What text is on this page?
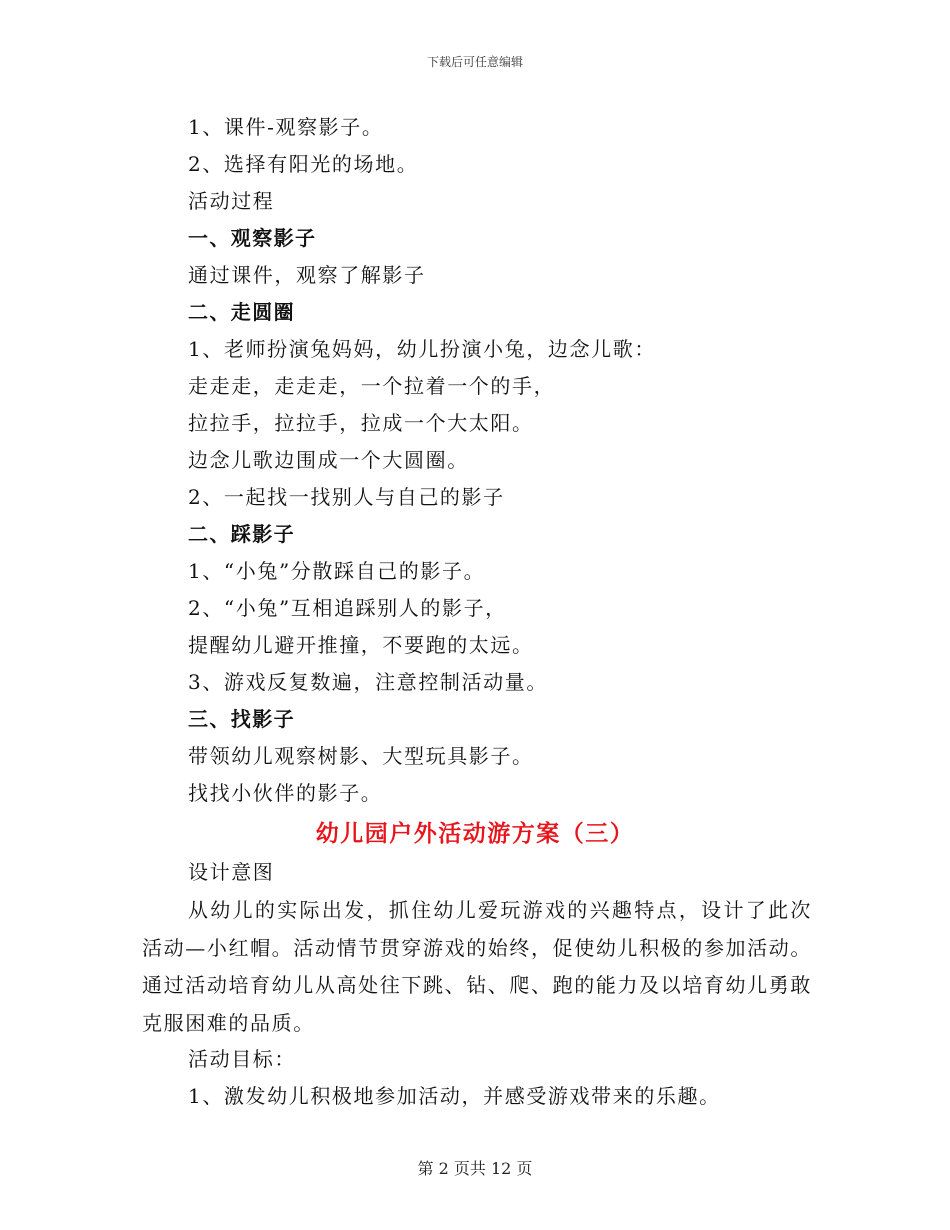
下载后可任意编辑
1、课件-观察影子。
2、选择有阳光的场地。
活动过程
一、观察影子
通过课件，观察了解影子
二、走圆圈
1、老师扮演兔妈妈，幼儿扮演小兔，边念儿歌：
走走走，走走走，一个拉着一个的手，
拉拉手，拉拉手，拉成一个大太阳。
边念儿歌边围成一个大圆圈。
2、一起找一找别人与自己的影子
二、踩影子
1、“小兔”分散踩自己的影子。
2、“小兔”互相追踩别人的影子，
提醒幼儿避开推撞，不要跑的太远。
3、游戏反复数遍，注意控制活动量。
三、找影子
带领幼儿观察树影、大型玩具影子。
找找小伙伴的影子。
幼儿园户外活动游方案（三）
设计意图

从幼儿的实际出发，抓住幼儿爱玩游戏的兴趣特点，设计了此次活动—小红帽。活动情节贯穿游戏的始终，促使幼儿积极的参加活动。通过活动培育幼儿从高处往下跳、钻、爬、跑的能力及以培育幼儿勇敢克服困难的品质。

活动目标：
1、激发幼儿积极地参加活动，并感受游戏带来的乐趣。
第 2 页共 12 页
